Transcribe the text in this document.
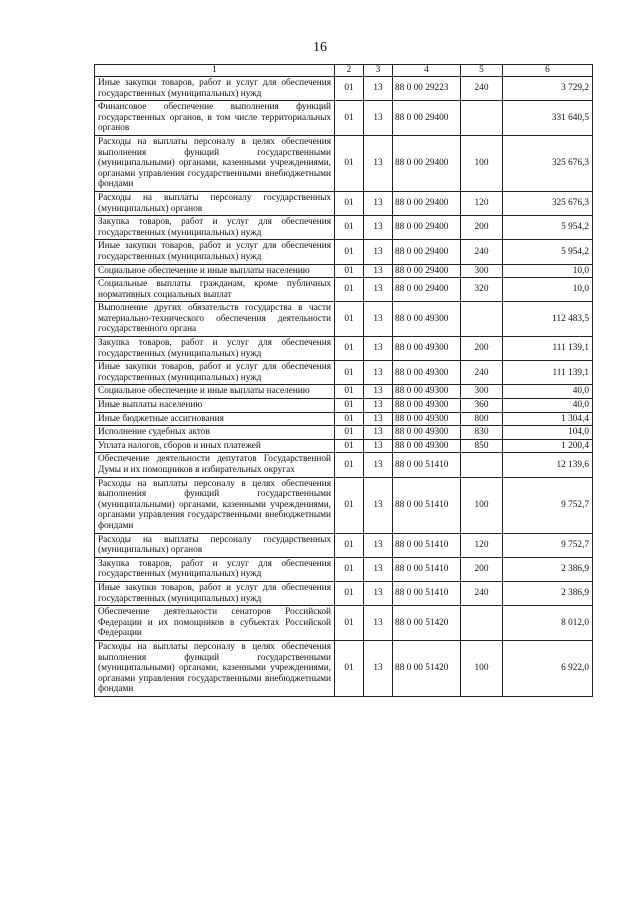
16
1	2	3	4	5	6
Иные закупки товаров, работ и услуг для обеспечения государственных (муниципальных) нужд	01	13	88 0 00 29223	240	3 729,2
Финансовое обеспечение выполнения функций государственных органов, в том числе территориальных органов	01	13	88 0 00 29400		331 640,5
Расходы на выплаты персоналу в целях обеспечения выполнения функций государственными (муниципальными) органами, казенными учреждениями, органами управления государственными внебюджетными фондами	01	13	88 0 00 29400	100	325 676,3
Расходы на выплаты персоналу государственных (муниципальных) органов	01	13	88 0 00 29400	120	325 676,3
Закупка товаров, работ и услуг для обеспечения государственных (муниципальных) нужд	01	13	88 0 00 29400	200	5 954,2
Иные закупки товаров, работ и услуг для обеспечения государственных (муниципальных) нужд	01	13	88 0 00 29400	240	5 954,2
Социальное обеспечение и иные выплаты населению	01	13	88 0 00 29400	300	10,0
Социальные выплаты гражданам, кроме публичных нормативных социальных выплат	01	13	88 0 00 29400	320	10,0
Выполнение других обязательств государства в части материально-технического обеспечения деятельности государственного органа	01	13	88 0 00 49300		112 483,5
Закупка товаров, работ и услуг для обеспечения государственных (муниципальных) нужд	01	13	88 0 00 49300	200	111 139,1
Иные закупки товаров, работ и услуг для обеспечения государственных (муниципальных) нужд	01	13	88 0 00 49300	240	111 139,1
Социальное обеспечение и иные выплаты населению	01	13	88 0 00 49300	300	40,0
Иные выплаты населению	01	13	88 0 00 49300	360	40,0
Иные бюджетные ассигнования	01	13	88 0 00 49300	800	1 304,4
Исполнение судебных актов	01	13	88 0 00 49300	830	104,0
Уплата налогов, сборов и иных платежей	01	13	88 0 00 49300	850	1 200,4
Обеспечение деятельности депутатов Государственной Думы и их помощников в избирательных округах	01	13	88 0 00 51410		12 139,6
Расходы на выплаты персоналу в целях обеспечения выполнения функций государственными (муниципальными) органами, казенными учреждениями, органами управления государственными внебюджетными фондами	01	13	88 0 00 51410	100	9 752,7
Расходы на выплаты персоналу государственных (муниципальных) органов	01	13	88 0 00 51410	120	9 752,7
Закупка товаров, работ и услуг для обеспечения государственных (муниципальных) нужд	01	13	88 0 00 51410	200	2 386,9
Иные закупки товаров, работ и услуг для обеспечения государственных (муниципальных) нужд	01	13	88 0 00 51410	240	2 386,9
Обеспечение деятельности сенаторов Российской Федерации и их помощников в субъектах Российской Федерации	01	13	88 0 00 51420		8 012,0
Расходы на выплаты персоналу в целях обеспечения выполнения функций государственными (муниципальными) органами, казенными учреждениями, органами управления государственными внебюджетными фондами	01	13	88 0 00 51420	100	6 922,0
